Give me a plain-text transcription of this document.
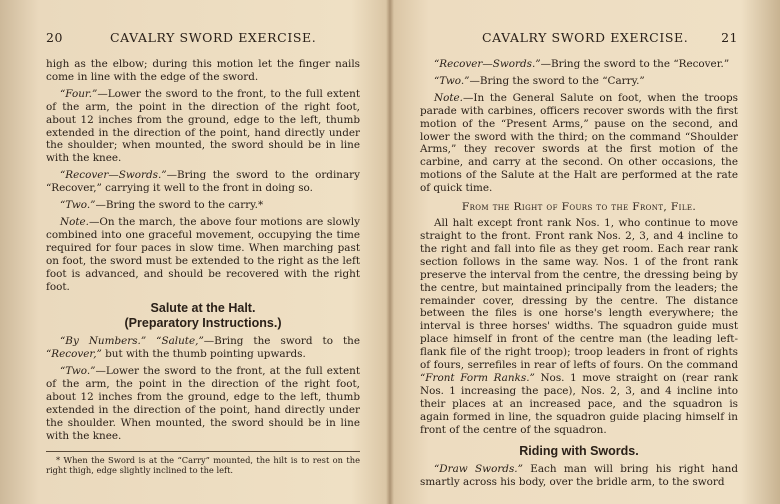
20	CAVALRY SWORD EXERCISE.

high as the elbow; during this motion let the finger nails come in line with the edge of the sword.

“Four.”—Lower the sword to the front, to the full extent of the arm, the point in the direction of the right foot, about 12 inches from the ground, edge to the left, thumb extended in the direction of the point, hand directly under the shoulder; when mounted, the sword should be in line with the knee.

“Recover—Swords.”—Bring the sword to the ordinary “Recover,” carrying it well to the front in doing so.

“Two.”—Bring the sword to the carry.*

Note.—On the march, the above four motions are slowly combined into one graceful movement, occupying the time required for four paces in slow time. When marching past on foot, the sword must be extended to the right as the left foot is advanced, and should be recovered with the right foot.

Salute at the Halt.
(Preparatory Instructions.)

“By Numbers.” “Salute,”—Bring the sword to the “Recover,” but with the thumb pointing upwards.

“Two.”—Lower the sword to the front, at the full extent of the arm, the point in the direction of the right foot, about 12 inches from the ground, edge to the left, thumb extended in the direction of the point, hand directly under the shoulder. When mounted, the sword should be in line with the knee.

* When the Sword is at the “Carry” mounted, the hilt is to rest on the right thigh, edge slightly inclined to the left.

CAVALRY SWORD EXERCISE.	21

“Recover—Swords.”—Bring the sword to the “Recover.”

“Two.”—Bring the sword to the “Carry.”

Note.—In the General Salute on foot, when the troops parade with carbines, officers recover swords with the first motion of the “Present Arms,” pause on the second, and lower the sword with the third; on the command “Shoulder Arms,” they recover swords at the first motion of the carbine, and carry at the second. On other occasions, the motions of the Salute at the Halt are performed at the rate of quick time.

From the Right of Fours to the Front, File.

All halt except front rank Nos. 1, who continue to move straight to the front. Front rank Nos. 2, 3, and 4 incline to the right and fall into file as they get room. Each rear rank section follows in the same way. Nos. 1 of the front rank preserve the interval from the centre, the dressing being by the centre, but maintained principally from the leaders; the remainder cover, dressing by the centre. The distance between the files is one horse's length everywhere; the interval is three horses' widths. The squadron guide must place himself in front of the centre man (the leading left-flank file of the right troop); troop leaders in front of rights of fours, serrefiles in rear of lefts of fours. On the command “Front Form Ranks.” Nos. 1 move straight on (rear rank Nos. 1 increasing the pace), Nos. 2, 3, and 4 incline into their places at an increased pace, and the squadron is again formed in line, the squadron guide placing himself in front of the centre of the squadron.

Riding with Swords.

“Draw Swords.” Each man will bring his right hand smartly across his body, over the bridle arm, to the sword
